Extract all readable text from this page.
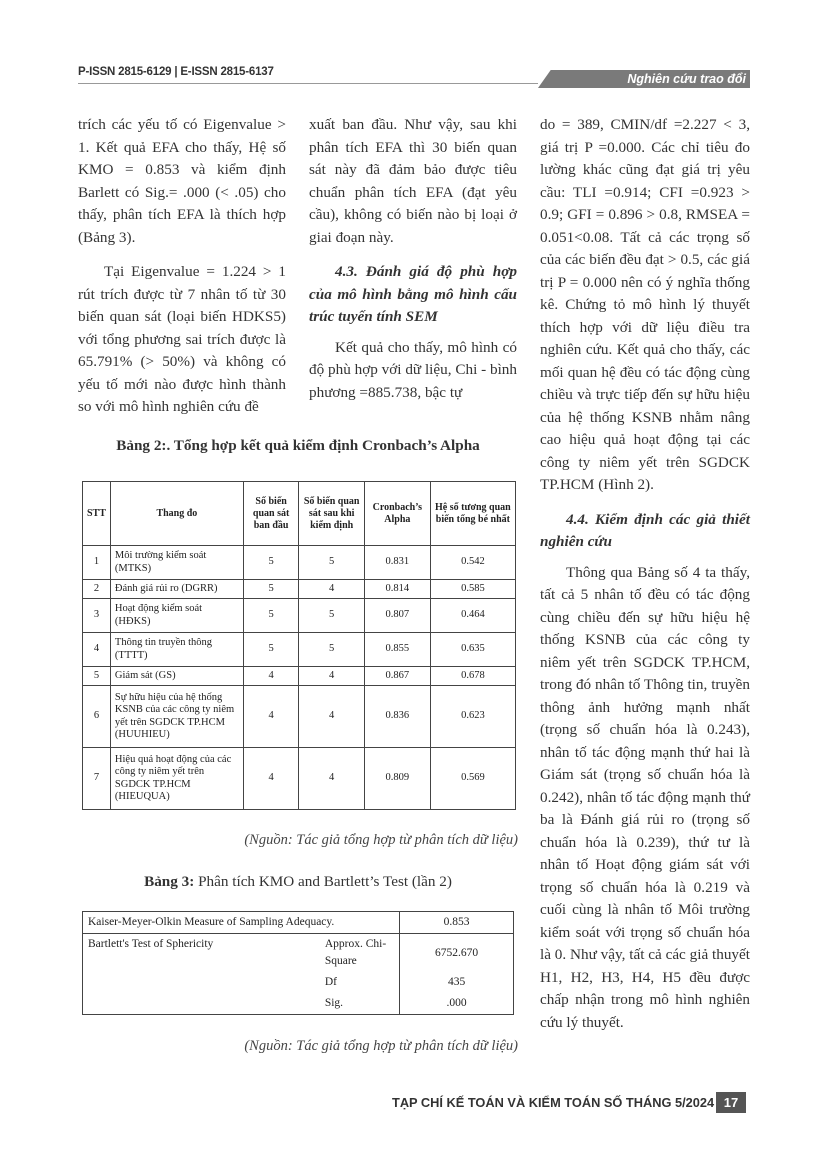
P-ISSN 2815-6129 | E-ISSN 2815-6137	Nghiên cứu trao đổi

trích các yếu tố có Eigenvalue > 1. Kết quả EFA cho thấy, Hệ số KMO = 0.853 và kiểm định Barlett có Sig.= .000 (< .05) cho thấy, phân tích EFA là thích hợp (Bảng 3).

Tại Eigenvalue = 1.224 > 1 rút trích được từ 7 nhân tố từ 30 biến quan sát (loại biến HDKS5) với tổng phương sai trích được là 65.791% (> 50%) và không có yếu tố mới nào được hình thành so với mô hình nghiên cứu đề

xuất ban đầu. Như vậy, sau khi phân tích EFA thì 30 biến quan sát này đã đảm bảo được tiêu chuẩn phân tích EFA (đạt yêu cầu), không có biến nào bị loại ở giai đoạn này.

4.3. Đánh giá độ phù hợp của mô hình bằng mô hình cấu trúc tuyến tính SEM

Kết quả cho thấy, mô hình có độ phù hợp với dữ liệu, Chi - bình phương =885.738, bậc tự

do = 389, CMIN/df =2.227 < 3, giá trị P =0.000. Các chỉ tiêu đo lường khác cũng đạt giá trị yêu cầu: TLI =0.914; CFI =0.923 > 0.9; GFI = 0.896 > 0.8, RMSEA = 0.051<0.08. Tất cả các trọng số của các biến đều đạt > 0.5, các giá trị P = 0.000 nên có ý nghĩa thống kê. Chứng tỏ mô hình lý thuyết thích hợp với dữ liệu điều tra nghiên cứu. Kết quả cho thấy, các mối quan hệ đều có tác động cùng chiều và trực tiếp đến sự hữu hiệu của hệ thống KSNB nhằm nâng cao hiệu quả hoạt động tại các công ty niêm yết trên SGDCK TP.HCM (Hình 2).

4.4. Kiểm định các giả thiết nghiên cứu

Thông qua Bảng số 4 ta thấy, tất cả 5 nhân tố đều có tác động cùng chiều đến sự hữu hiệu hệ thống KSNB của các công ty niêm yết trên SGDCK TP.HCM, trong đó nhân tố Thông tin, truyền thông ảnh hưởng mạnh nhất (trọng số chuẩn hóa là 0.243), nhân tố tác động mạnh thứ hai là Giám sát (trọng số chuẩn hóa là 0.242), nhân tố tác động mạnh thứ ba là Đánh giá rủi ro (trọng số chuẩn hóa là 0.239), thứ tư là nhân tố Hoạt động giám sát với trọng số chuẩn hóa là 0.219 và cuối cùng là nhân tố Môi trường kiểm soát với trọng số chuẩn hóa là 0. Như vậy, tất cả các giả thuyết H1, H2, H3, H4, H5 đều được chấp nhận trong mô hình nghiên cứu lý thuyết.

Bảng 2:. Tổng hợp kết quả kiểm định Cronbach’s Alpha
STT	Thang đo	Số biến quan sát ban đầu	Số biến quan sát sau khi kiểm định	Cronbach’s Alpha	Hệ số tương quan biến tổng bé nhất
1	Môi trường kiểm soát (MTKS)	5	5	0.831	0.542
2	Đánh giá rủi ro (DGRR)	5	4	0.814	0.585
3	Hoạt động kiểm soát (HĐKS)	5	5	0.807	0.464
4	Thông tin truyền thông (TTTT)	5	5	0.855	0.635
5	Giám sát (GS)	4	4	0.867	0.678
6	Sự hữu hiệu của hệ thống KSNB của các công ty niêm yết trên SGDCK TP.HCM (HUUHIEU)	4	4	0.836	0.623
7	Hiệu quả hoạt động của các công ty niêm yết trên SGDCK TP.HCM (HIEUQUA)	4	4	0.809	0.569
(Nguồn: Tác giả tổng hợp từ phân tích dữ liệu)
Bảng 3: Phân tích KMO and Bartlett’s Test (lần 2)
Kaiser-Meyer-Olkin Measure of Sampling Adequacy.		0.853
Bartlett's Test of Sphericity	Approx. Chi-Square	6752.670
	Df	435
	Sig.	.000
(Nguồn: Tác giả tổng hợp từ phân tích dữ liệu)
TẠP CHÍ KẾ TOÁN VÀ KIỂM TOÁN SỐ THÁNG 5/2024 17
